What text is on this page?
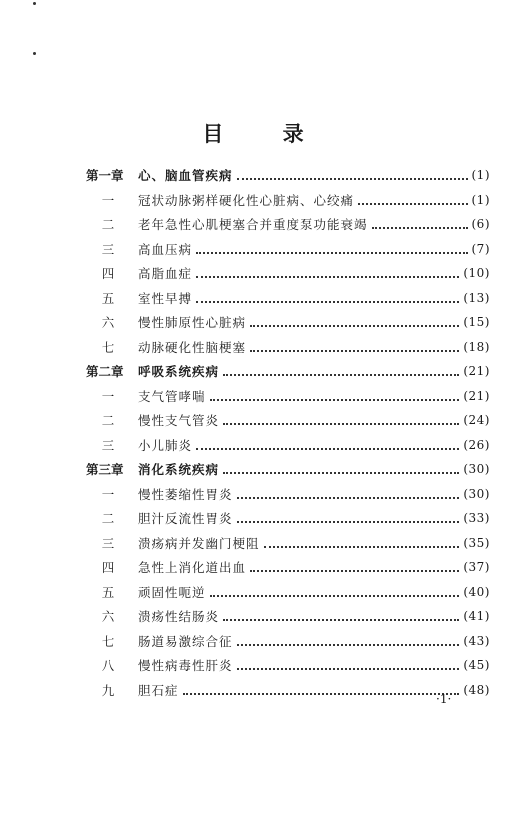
目 录
第一章	心、脑血管疾病	(1)
一	冠状动脉粥样硬化性心脏病、心绞痛	(1)
二	老年急性心肌梗塞合并重度泵功能衰竭	(6)
三	高血压病	(7)
四	高脂血症	(10)
五	室性早搏	(13)
六	慢性肺原性心脏病	(15)
七	动脉硬化性脑梗塞	(18)
第二章	呼吸系统疾病	(21)
一	支气管哮喘	(21)
二	慢性支气管炎	(24)
三	小儿肺炎	(26)
第三章	消化系统疾病	(30)
一	慢性萎缩性胃炎	(30)
二	胆汁反流性胃炎	(33)
三	溃疡病并发幽门梗阻	(35)
四	急性上消化道出血	(37)
五	顽固性呃逆	(40)
六	溃疡性结肠炎	(41)
七	肠道易激综合征	(43)
八	慢性病毒性肝炎	(45)
九	胆石症	(48)
·1·
